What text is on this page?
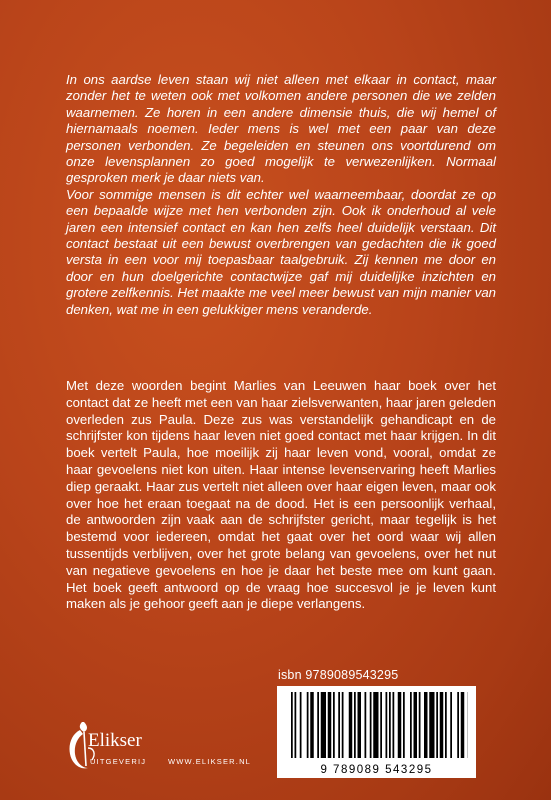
In ons aardse leven staan wij niet alleen met elkaar in contact, maar zonder het te weten ook met volkomen andere personen die we zelden waarnemen. Ze horen in een andere dimensie thuis, die wij hemel of hiernamaals noemen. Ieder mens is wel met een paar van deze personen verbonden. Ze begeleiden en steunen ons voortdurend om onze levensplannen zo goed mogelijk te verwezenlijken. Normaal gesproken merk je daar niets van.

Voor sommige mensen is dit echter wel waarneembaar, doordat ze op een bepaalde wijze met hen verbonden zijn. Ook ik onderhoud al vele jaren een intensief contact en kan hen zelfs heel duidelijk verstaan. Dit contact bestaat uit een bewust overbrengen van gedachten die ik goed versta in een voor mij toepasbaar taalgebruik. Zij kennen me door en door en hun doelgerichte contactwijze gaf mij duidelijke inzichten en grotere zelfkennis. Het maakte me veel meer bewust van mijn manier van denken, wat me in een gelukkiger mens veranderde.

Met deze woorden begint Marlies van Leeuwen haar boek over het contact dat ze heeft met een van haar zielsverwanten, haar jaren geleden overleden zus Paula. Deze zus was verstandelijk gehandicapt en de schrijfster kon tijdens haar leven niet goed contact met haar krijgen. In dit boek vertelt Paula, hoe moeilijk zij haar leven vond, vooral, omdat ze haar gevoelens niet kon uiten. Haar intense levenservaring heeft Marlies diep geraakt. Haar zus vertelt niet alleen over haar eigen leven, maar ook over hoe het eraan toegaat na de dood. Het is een persoonlijk verhaal, de antwoorden zijn vaak aan de schrijfster gericht, maar tegelijk is het bestemd voor iedereen, omdat het gaat over het oord waar wij allen tussentijds verblijven, over het grote belang van gevoelens, over het nut van negatieve gevoelens en hoe je daar het beste mee om kunt gaan. Het boek geeft antwoord op de vraag hoe succesvol je je leven kunt maken als je gehoor geeft aan je diepe verlangens.
isbn 9789089543295
9 789089 543295
Elikser
UITGEVERIJ	WWW.ELIKSER.NL
